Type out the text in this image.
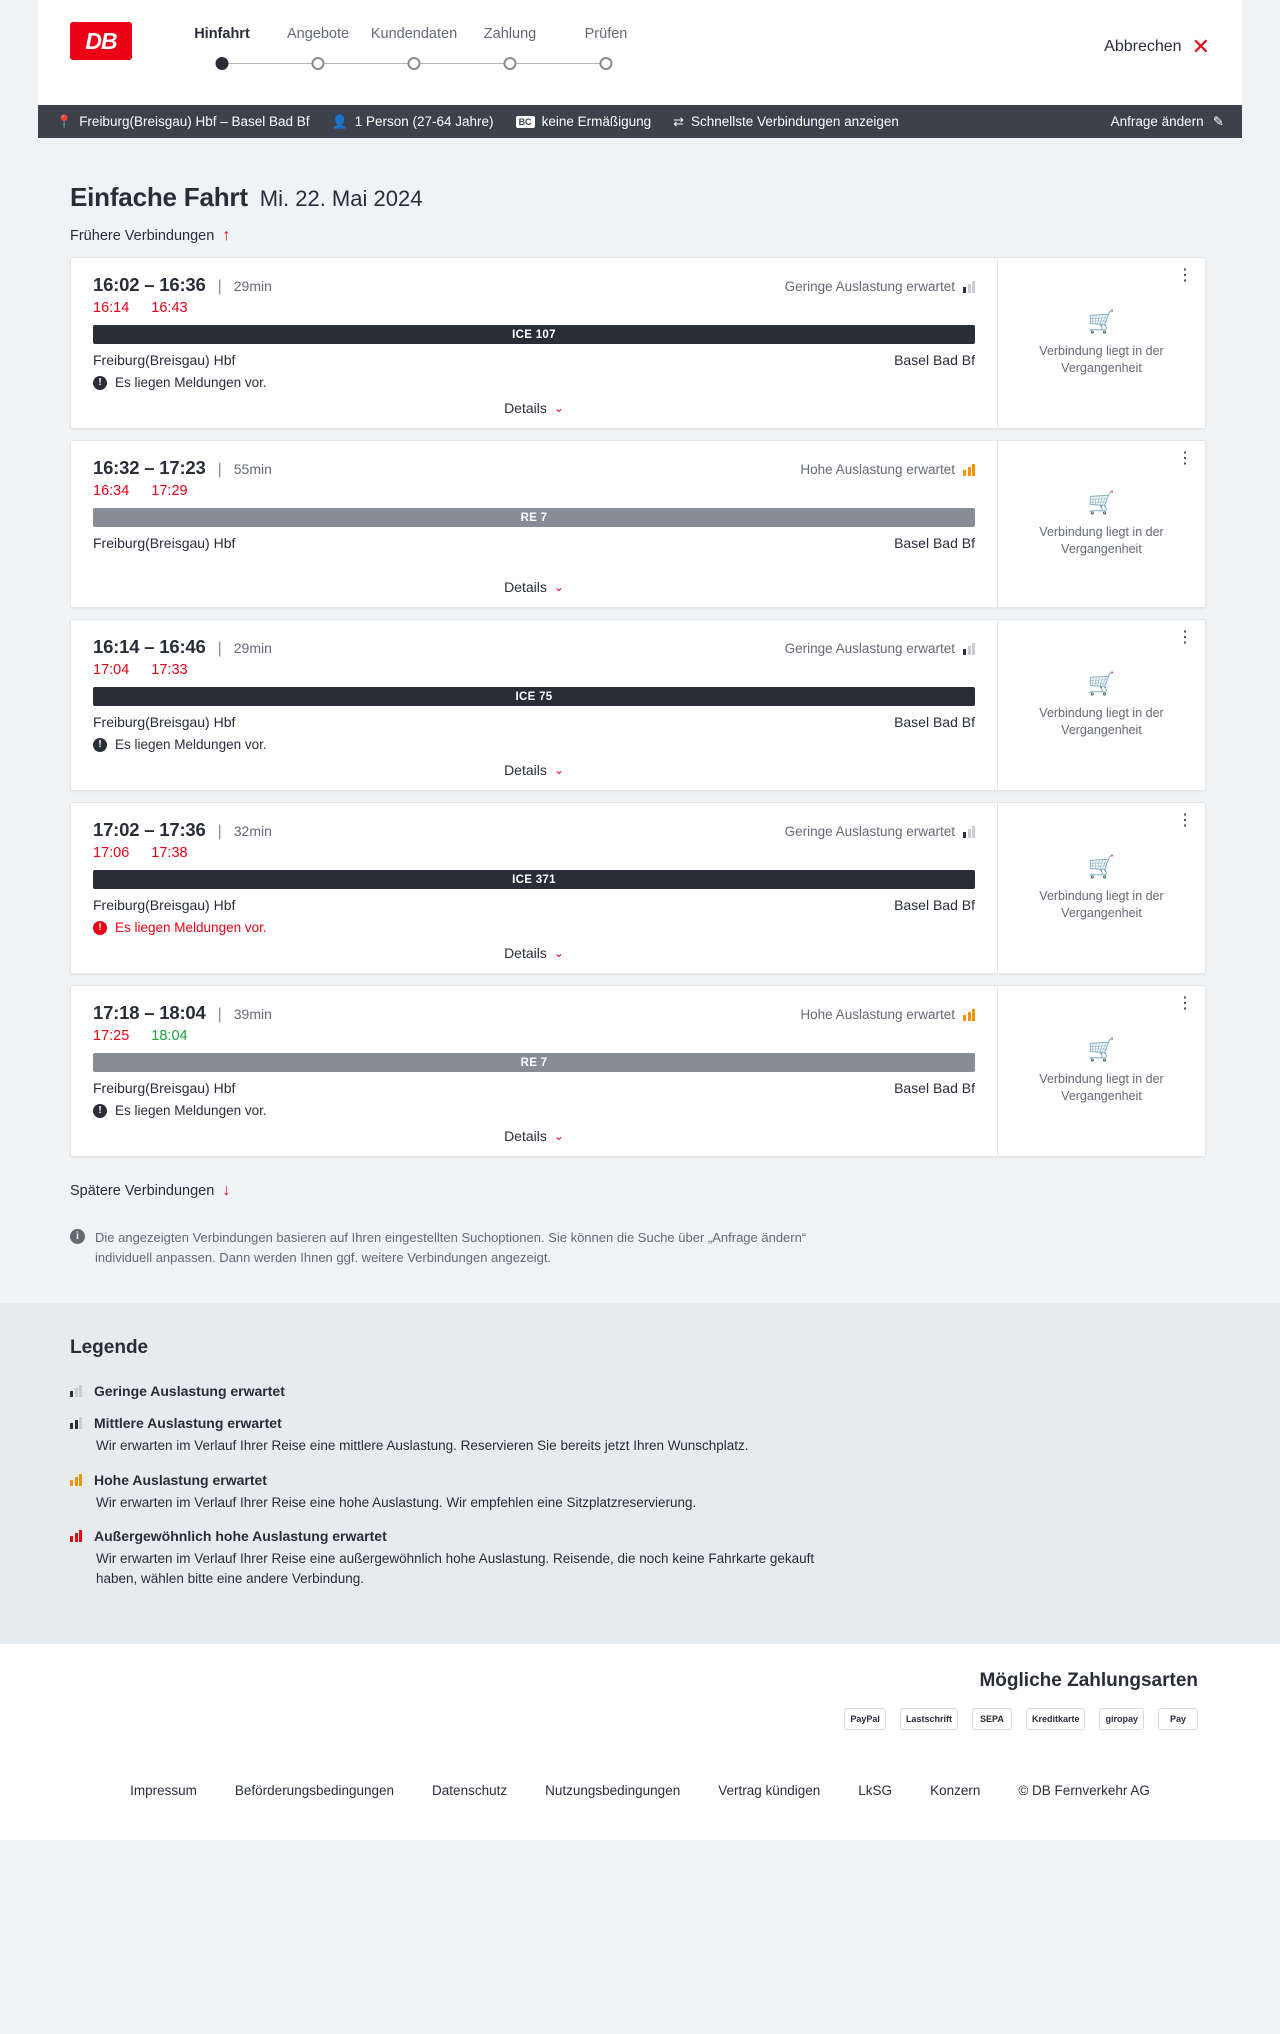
DB	Hinfahrt	Angebote	Kundendaten	Zahlung	Prüfen
Abbrechen ✕
📍 Freiburg(Breisgau) Hbf – Basel Bad Bf 👤 1 Person (27-64 Jahre)	BC keine Ermäßigung ⇄ Schnellste Verbindungen anzeigen	Anfrage ändern ✎
Einfache Fahrt Mi. 22. Mai 2024
Frühere Verbindungen ↑
16:02 – 16:36 | 29min	Geringe Auslastung erwartet
16:14 16:43
ICE 107
Freiburg(Breisgau) Hbf	Basel Bad Bf
! Es liegen Meldungen vor.
Details ⌄
⋮
🛒
Verbindung liegt in der Vergangenheit
16:32 – 17:23 | 55min	Hohe Auslastung erwartet
16:34 17:29
RE 7
Freiburg(Breisgau) Hbf	Basel Bad Bf
Details ⌄
⋮
🛒
Verbindung liegt in der Vergangenheit
16:14 – 16:46 | 29min	Geringe Auslastung erwartet
17:04 17:33
ICE 75
Freiburg(Breisgau) Hbf	Basel Bad Bf
! Es liegen Meldungen vor.
Details ⌄
⋮
🛒
Verbindung liegt in der Vergangenheit
17:02 – 17:36 | 32min	Geringe Auslastung erwartet
17:06 17:38
ICE 371
Freiburg(Breisgau) Hbf	Basel Bad Bf
! Es liegen Meldungen vor.
Details ⌄
⋮
🛒
Verbindung liegt in der Vergangenheit
17:18 – 18:04 | 39min	Hohe Auslastung erwartet
17:25 18:04
RE 7
Freiburg(Breisgau) Hbf	Basel Bad Bf
! Es liegen Meldungen vor.
Details ⌄
⋮
🛒
Verbindung liegt in der Vergangenheit
Spätere Verbindungen ↓
i	Die angezeigten Verbindungen basieren auf Ihren eingestellten Suchoptionen. Sie können die Suche über „Anfrage ändern“ individuell anpassen. Dann werden Ihnen ggf. weitere Verbindungen angezeigt.
Legende
Geringe Auslastung erwartet
Mittlere Auslastung erwartet
Wir erwarten im Verlauf Ihrer Reise eine mittlere Auslastung. Reservieren Sie bereits jetzt Ihren Wunschplatz.
Hohe Auslastung erwartet
Wir erwarten im Verlauf Ihrer Reise eine hohe Auslastung. Wir empfehlen eine Sitzplatzreservierung.
Außergewöhnlich hohe Auslastung erwartet
Wir erwarten im Verlauf Ihrer Reise eine außergewöhnlich hohe Auslastung. Reisende, die noch keine Fahrkarte gekauft haben, wählen bitte eine andere Verbindung.
Mögliche Zahlungsarten
PayPal	Lastschrift	SEPA	Kreditkarte	giropay	Pay
Impressum	Beförderungsbedingungen	Datenschutz	Nutzungsbedingungen	Vertrag kündigen	LkSG	Konzern	© DB Fernverkehr AG
